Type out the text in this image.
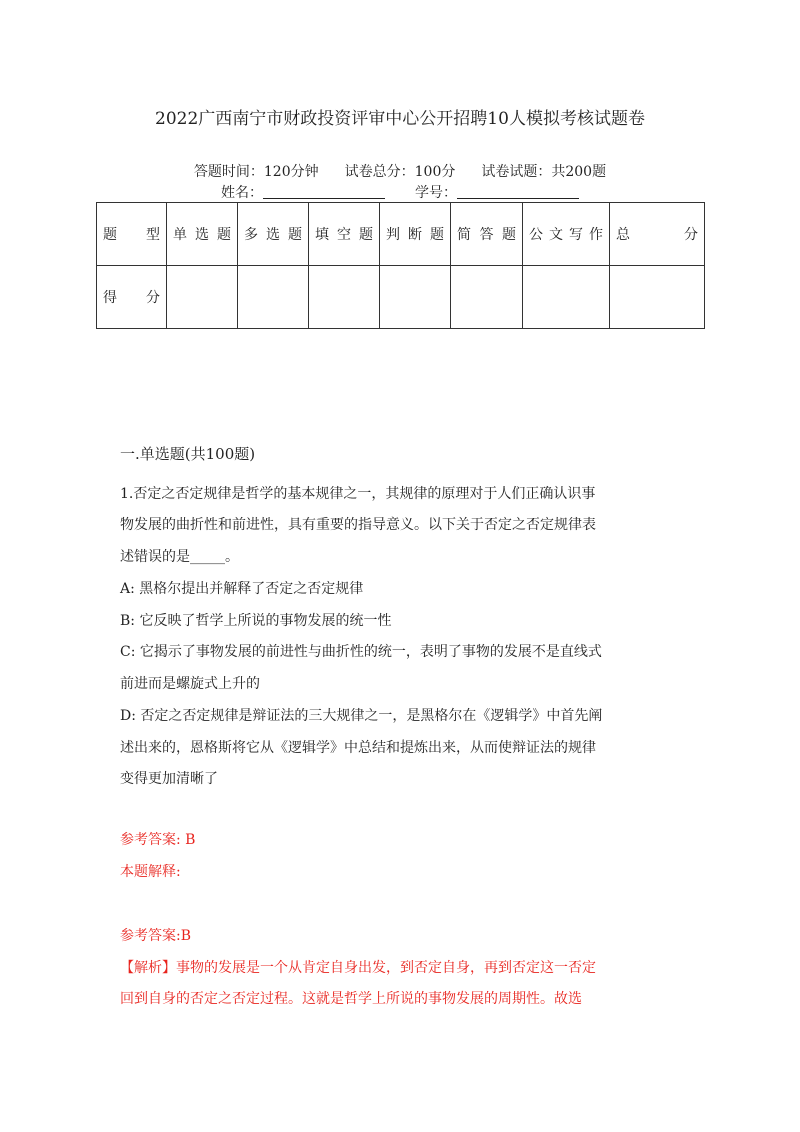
2022广西南宁市财政投资评审中心公开招聘10人模拟考核试题卷
答题时间：120分钟 试卷总分：100分 试卷试题：共200题
姓名：	学号：
题　型	单选题	多选题	填空题	判断题	简答题	公文写作	总　分
得　分							
一.单选题(共100题)
1.否定之否定规律是哲学的基本规律之一，其规律的原理对于人们正确认识事
物发展的曲折性和前进性，具有重要的指导意义。以下关于否定之否定规律表
述错误的是_____。
A: 黑格尔提出并解释了否定之否定规律
B: 它反映了哲学上所说的事物发展的统一性
C: 它揭示了事物发展的前进性与曲折性的统一，表明了事物的发展不是直线式
前进而是螺旋式上升的
D: 否定之否定规律是辩证法的三大规律之一，是黑格尔在《逻辑学》中首先阐
述出来的，恩格斯将它从《逻辑学》中总结和提炼出来，从而使辩证法的规律
变得更加清晰了
参考答案: B
本题解释:
参考答案:B
【解析】事物的发展是一个从肯定自身出发，到否定自身，再到否定这一否定
回到自身的否定之否定过程。这就是哲学上所说的事物发展的周期性。故选
